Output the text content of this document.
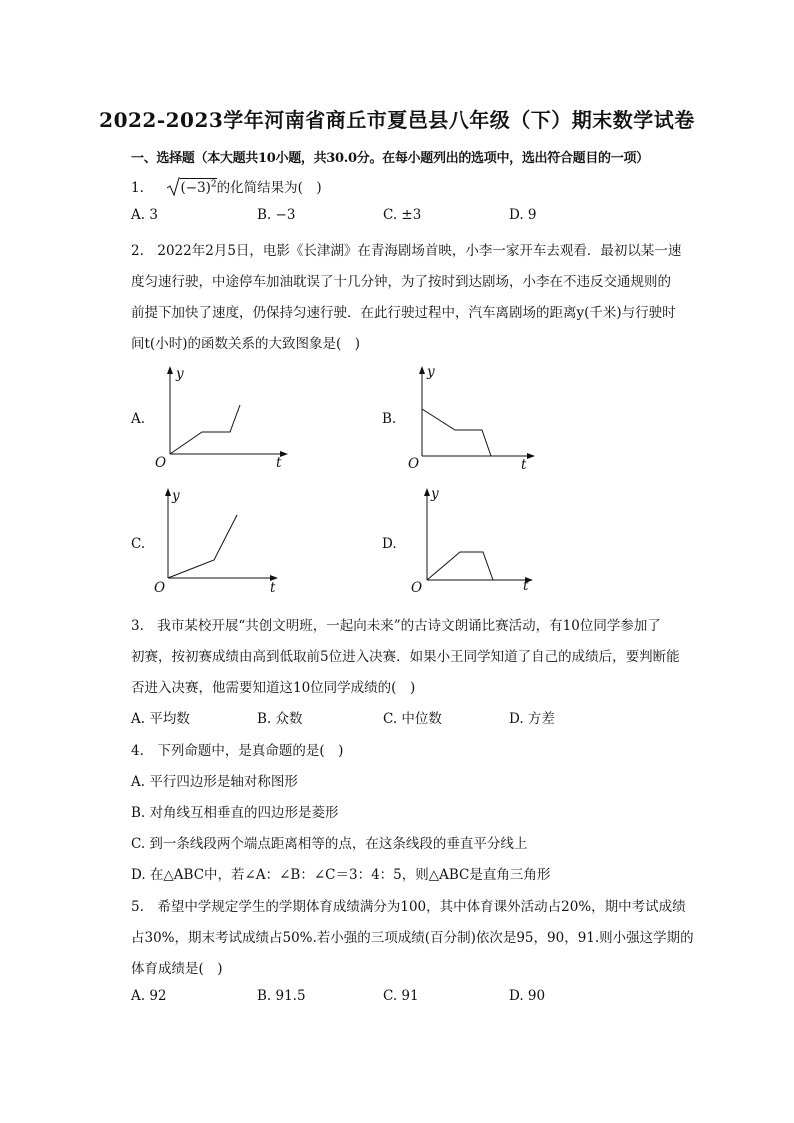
2022-2023学年河南省商丘市夏邑县八年级（下）期末数学试卷
一、选择题（本大题共10小题，共30.0分。在每小题列出的选项中，选出符合题目的一项）
1.	$(-3)^2$的化简结果为(　)
A. 3	B. −3	C. ±3	D. 9
2.　2022年2月5日，电影《长津湖》在青海剧场首映，小李一家开车去观看．最初以某一速
度匀速行驶，中途停车加油耽误了十几分钟，为了按时到达剧场，小李在不违反交通规则的
前提下加快了速度，仍保持匀速行驶．在此行驶过程中，汽车离剧场的距离y(千米)与行驶时
间t(小时)的函数关系的大致图象是(　)
A.
y
t
O
B.
y
t
O
C.
y
t
O
D.
y
t
O
3.　我市某校开展“共创文明班，一起向未来”的古诗文朗诵比赛活动，有10位同学参加了
初赛，按初赛成绩由高到低取前5位进入决赛．如果小王同学知道了自己的成绩后，要判断能
否进入决赛，他需要知道这10位同学成绩的(　)
A. 平均数	B. 众数	C. 中位数	D. 方差
4.　下列命题中，是真命题的是(　)
A. 平行四边形是轴对称图形
B. 对角线互相垂直的四边形是菱形
C. 到一条线段两个端点距离相等的点，在这条线段的垂直平分线上
D. 在△ABC中，若∠A：∠B：∠C＝3：4：5，则△ABC是直角三角形
5.　希望中学规定学生的学期体育成绩满分为100，其中体育课外活动占20%，期中考试成绩
占30%，期末考试成绩占50%.若小强的三项成绩(百分制)依次是95，90，91.则小强这学期的
体育成绩是(　)
A. 92	B. 91.5	C. 91	D. 90
